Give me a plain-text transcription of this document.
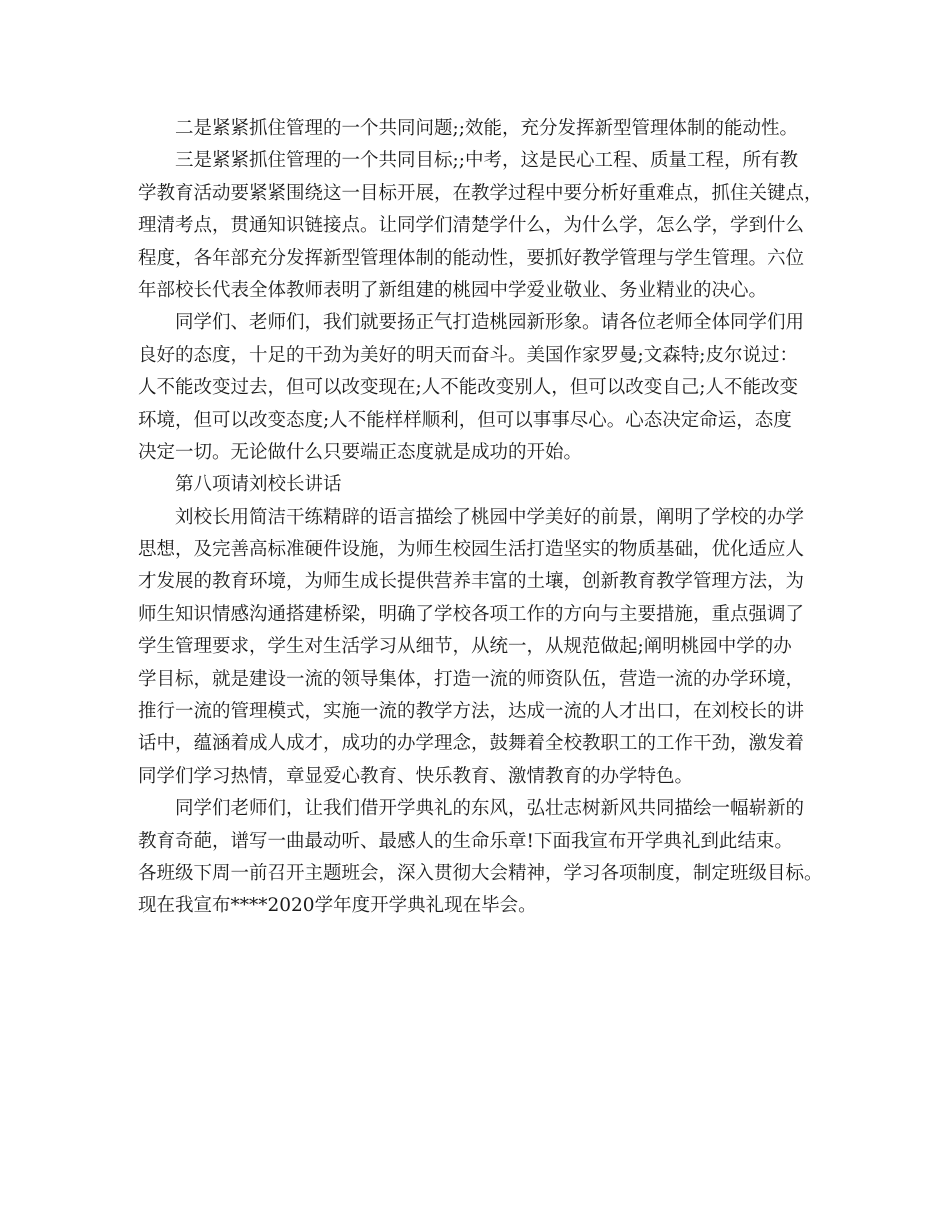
二是紧紧抓住管理的一个共同问题;;效能，充分发挥新型管理体制的能动性。
三是紧紧抓住管理的一个共同目标;;中考，这是民心工程、质量工程，所有教
学教育活动要紧紧围绕这一目标开展，在教学过程中要分析好重难点，抓住关键点，
理清考点，贯通知识链接点。让同学们清楚学什么，为什么学，怎么学，学到什么
程度，各年部充分发挥新型管理体制的能动性，要抓好教学管理与学生管理。六位
年部校长代表全体教师表明了新组建的桃园中学爱业敬业、务业精业的决心。
同学们、老师们，我们就要扬正气打造桃园新形象。请各位老师全体同学们用
良好的态度，十足的干劲为美好的明天而奋斗。美国作家罗曼;文森特;皮尔说过：
人不能改变过去，但可以改变现在;人不能改变别人，但可以改变自己;人不能改变
环境，但可以改变态度;人不能样样顺利，但可以事事尽心。心态决定命运，态度
决定一切。无论做什么只要端正态度就是成功的开始。
第八项请刘校长讲话
刘校长用简洁干练精辟的语言描绘了桃园中学美好的前景，阐明了学校的办学
思想，及完善高标准硬件设施，为师生校园生活打造坚实的物质基础，优化适应人
才发展的教育环境，为师生成长提供营养丰富的土壤，创新教育教学管理方法，为
师生知识情感沟通搭建桥梁，明确了学校各项工作的方向与主要措施，重点强调了
学生管理要求，学生对生活学习从细节，从统一，从规范做起;阐明桃园中学的办
学目标，就是建设一流的领导集体，打造一流的师资队伍，营造一流的办学环境，
推行一流的管理模式，实施一流的教学方法，达成一流的人才出口，在刘校长的讲
话中，蕴涵着成人成才，成功的办学理念，鼓舞着全校教职工的工作干劲，激发着
同学们学习热情，章显爱心教育、快乐教育、激情教育的办学特色。
同学们老师们，让我们借开学典礼的东风，弘壮志树新风共同描绘一幅崭新的
教育奇葩，谱写一曲最动听、最感人的生命乐章!下面我宣布开学典礼到此结束。
各班级下周一前召开主题班会，深入贯彻大会精神，学习各项制度，制定班级目标。
现在我宣布****2020学年度开学典礼现在毕会。
